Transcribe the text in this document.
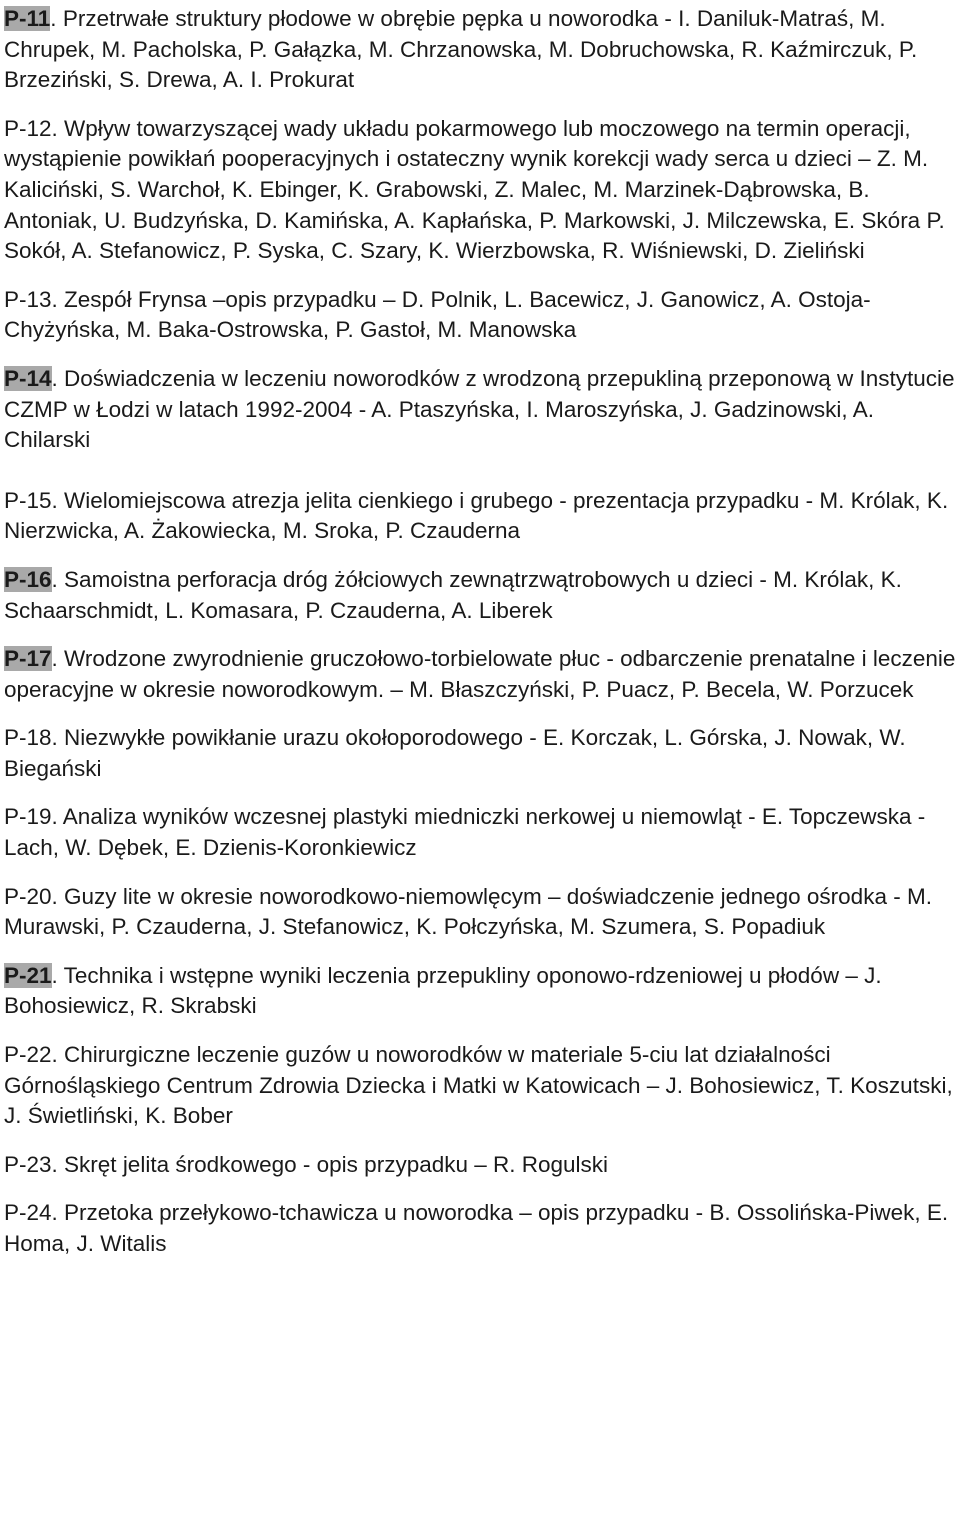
P-11. Przetrwałe struktury płodowe w obrębie pępka u noworodka - I. Daniluk-Matraś, M. Chrupek, M. Pacholska, P. Gałązka, M. Chrzanowska, M. Dobruchowska, R. Kaźmirczuk, P. Brzeziński, S. Drewa, A. I. Prokurat

P-12. Wpływ towarzyszącej wady układu pokarmowego lub moczowego na termin operacji, wystąpienie powikłań pooperacyjnych i ostateczny wynik korekcji wady serca u dzieci – Z. M. Kaliciński, S. Warchoł, K. Ebinger, K. Grabowski, Z. Malec, M. Marzinek-Dąbrowska, B. Antoniak, U. Budzyńska, D. Kamińska, A. Kapłańska, P. Markowski, J. Milczewska, E. Skóra P. Sokół, A. Stefanowicz, P. Syska, C. Szary, K. Wierzbowska, R. Wiśniewski, D. Zieliński

P-13. Zespół Frynsa –opis przypadku – D. Polnik, L. Bacewicz, J. Ganowicz, A. Ostoja-Chyżyńska, M. Baka-Ostrowska, P. Gastoł, M. Manowska

P-14. Doświadczenia w leczeniu noworodków z wrodzoną przepukliną przeponową w Instytucie CZMP w Łodzi w latach 1992-2004 - A. Ptaszyńska, I. Maroszyńska, J. Gadzinowski, A. Chilarski

P-15. Wielomiejscowa atrezja jelita cienkiego i grubego - prezentacja przypadku - M. Królak, K. Nierzwicka, A. Żakowiecka, M. Sroka, P. Czauderna

P-16. Samoistna perforacja dróg żółciowych zewnątrzwątrobowych u dzieci - M. Królak, K. Schaarschmidt, L. Komasara, P. Czauderna, A. Liberek

P-17. Wrodzone zwyrodnienie gruczołowo-torbielowate płuc - odbarczenie prenatalne i leczenie operacyjne w okresie noworodkowym. – M. Błaszczyński, P. Puacz, P. Becela, W. Porzucek

P-18. Niezwykłe powikłanie urazu okołoporodowego - E. Korczak, L. Górska, J. Nowak, W. Biegański

P-19. Analiza wyników wczesnej plastyki miedniczki nerkowej u niemowląt - E. Topczewska -Lach, W. Dębek, E. Dzienis-Koronkiewicz

P-20. Guzy lite w okresie noworodkowo-niemowlęcym – doświadczenie jednego ośrodka - M. Murawski, P. Czauderna, J. Stefanowicz, K. Połczyńska, M. Szumera, S. Popadiuk

P-21. Technika i wstępne wyniki leczenia przepukliny oponowo-rdzeniowej u płodów – J. Bohosiewicz, R. Skrabski

P-22. Chirurgiczne leczenie guzów u noworodków w materiale 5-ciu lat działalności Górnośląskiego Centrum Zdrowia Dziecka i Matki w Katowicach – J. Bohosiewicz, T. Koszutski, J. Świetliński, K. Bober

P-23. Skręt jelita środkowego - opis przypadku – R. Rogulski

P-24. Przetoka przełykowo-tchawicza u noworodka – opis przypadku - B. Ossolińska-Piwek, E. Homa, J. Witalis
